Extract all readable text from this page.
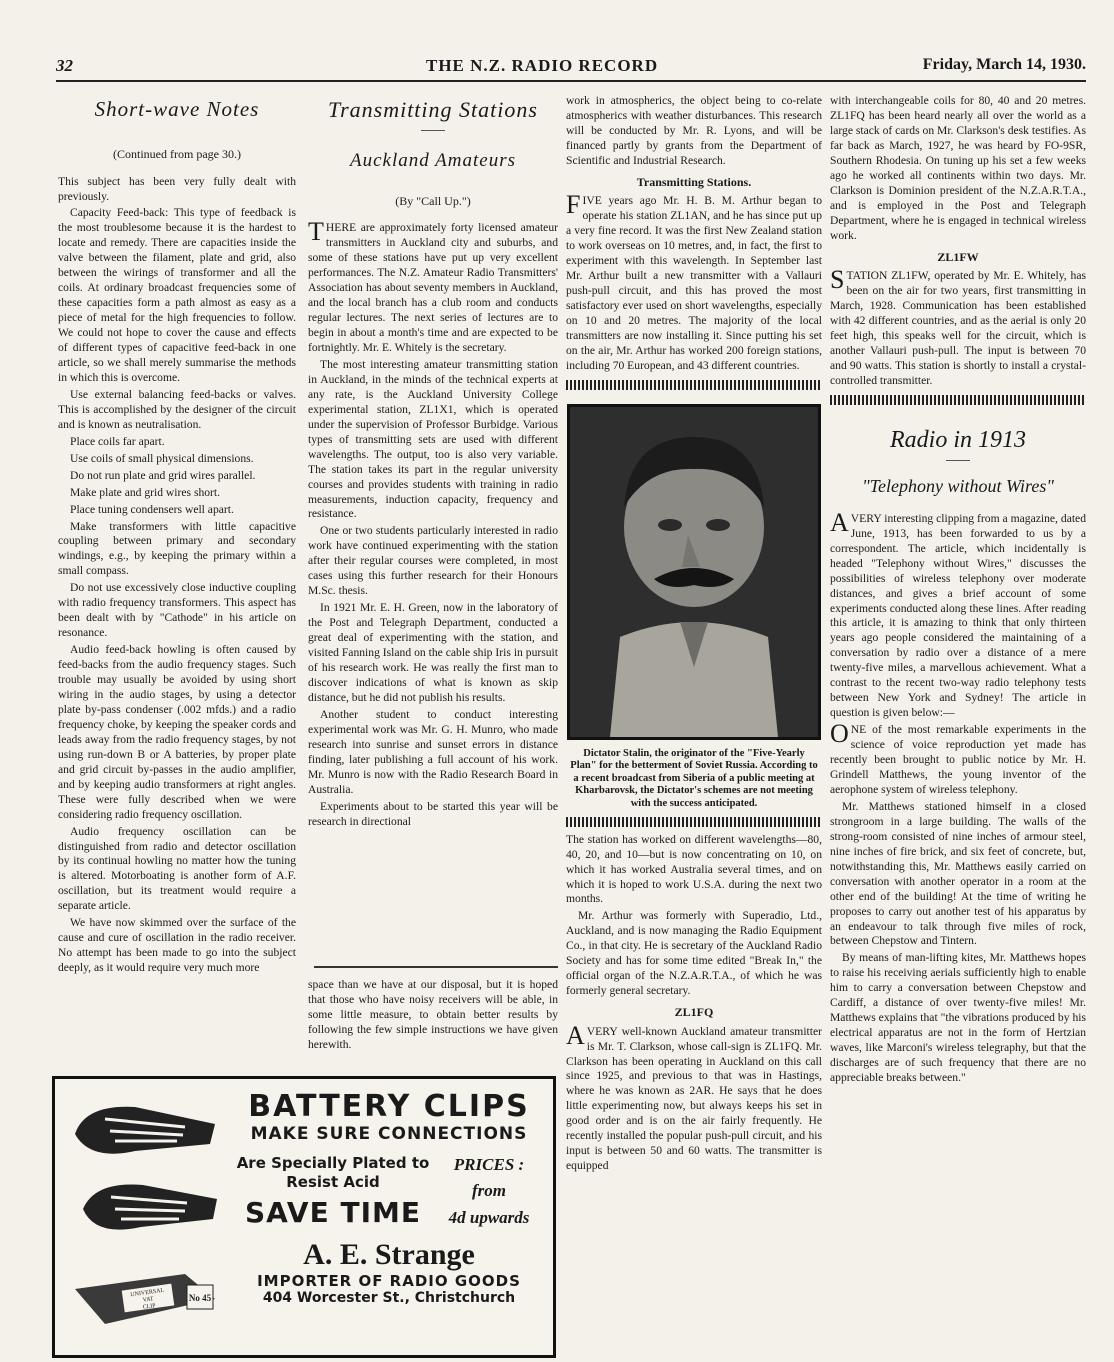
32	THE N.Z. RADIO RECORD	Friday, March 14, 1930.
Short-wave Notes
(Continued from page 30.)

This subject has been very fully dealt with previously.

Capacity Feed-back: This type of feedback is the most troublesome because it is the hardest to locate and remedy. There are capacities inside the valve between the filament, plate and grid, also between the wirings of transformer and all the coils. At ordinary broadcast frequencies some of these capacities form a path almost as easy as a piece of metal for the high frequencies to follow. We could not hope to cover the cause and effects of different types of capacitive feed-back in one article, so we shall merely summarise the methods in which this is overcome.

Use external balancing feed-backs or valves. This is accomplished by the designer of the circuit and is known as neutralisation.

Place coils far apart.

Use coils of small physical dimensions.

Do not run plate and grid wires parallel.

Make plate and grid wires short.

Place tuning condensers well apart.

Make transformers with little capacitive coupling between primary and secondary windings, e.g., by keeping the primary within a small compass.

Do not use excessively close inductive coupling with radio frequency transformers. This aspect has been dealt with by "Cathode" in his article on resonance.

Audio feed-back howling is often caused by feed-backs from the audio frequency stages. Such trouble may usually be avoided by using short wiring in the audio stages, by using a detector plate by-pass condenser (.002 mfds.) and a radio frequency choke, by keeping the speaker cords and leads away from the radio frequency stages, by not using run-down B or A batteries, by proper plate and grid circuit by-passes in the audio amplifier, and by keeping audio transformers at right angles. These were fully described when we were considering radio frequency oscillation.

Audio frequency oscillation can be distinguished from radio and detector oscillation by its continual howling no matter how the tuning is altered. Motorboating is another form of A.F. oscillation, but its treatment would require a separate article.

We have now skimmed over the surface of the cause and cure of oscillation in the radio receiver. No attempt has been made to go into the subject deeply, as it would require very much more

Transmitting Stations
Auckland Amateurs
(By "Call Up.")

THERE are approximately forty licensed amateur transmitters in Auckland city and suburbs, and some of these stations have put up very excellent performances. The N.Z. Amateur Radio Transmitters' Association has about seventy members in Auckland, and the local branch has a club room and conducts regular lectures. The next series of lectures are to begin in about a month's time and are expected to be fortnightly. Mr. E. Whitely is the secretary.

The most interesting amateur transmitting station in Auckland, in the minds of the technical experts at any rate, is the Auckland University College experimental station, ZL1X1, which is operated under the supervision of Professor Burbidge. Various types of transmitting sets are used with different wavelengths. The output, too is also very variable. The station takes its part in the regular university courses and provides students with training in radio measurements, induction capacity, frequency and resistance.

One or two students particularly interested in radio work have continued experimenting with the station after their regular courses were completed, in most cases using this further research for their Honours M.Sc. thesis.

In 1921 Mr. E. H. Green, now in the laboratory of the Post and Telegraph Department, conducted a great deal of experimenting with the station, and visited Fanning Island on the cable ship Iris in pursuit of his research work. He was really the first man to discover indications of what is known as skip distance, but he did not publish his results.

Another student to conduct interesting experimental work was Mr. G. H. Munro, who made research into sunrise and sunset errors in distance finding, later publishing a full account of his work. Mr. Munro is now with the Radio Research Board in Australia.

Experiments about to be started this year will be research in directional

space than we have at our disposal, but it is hoped that those who have noisy receivers will be able, in some little measure, to obtain better results by following the few simple instructions we have given herewith.

work in atmospherics, the object being to co-relate atmospherics with weather disturbances. This research will be conducted by Mr. R. Lyons, and will be financed partly by grants from the Department of Scientific and Industrial Research.

Transmitting Stations.

FIVE years ago Mr. H. B. M. Arthur began to operate his station ZL1AN, and he has since put up a very fine record. It was the first New Zealand station to work overseas on 10 metres, and, in fact, the first to experiment with this wavelength. In September last Mr. Arthur built a new transmitter with a Vallauri push-pull circuit, and this has proved the most satisfactory ever used on short wavelengths, especially on 10 and 20 metres. The majority of the local transmitters are now installing it. Since putting his set on the air, Mr. Arthur has worked 200 foreign stations, including 70 European, and 43 different countries.

Dictator Stalin, the originator of the "Five-Yearly Plan" for the betterment of Soviet Russia. According to a recent broadcast from Siberia of a public meeting at Kharbarovsk, the Dictator's schemes are not meeting with the success anticipated.

The station has worked on different wavelengths—80, 40, 20, and 10—but is now concentrating on 10, on which it has worked Australia several times, and on which it is hoped to work U.S.A. during the next two months.

Mr. Arthur was formerly with Superadio, Ltd., Auckland, and is now managing the Radio Equipment Co., in that city. He is secretary of the Auckland Radio Society and has for some time edited "Break In," the official organ of the N.Z.A.R.T.A., of which he was formerly general secretary.

ZL1FQ

AVERY well-known Auckland amateur transmitter is Mr. T. Clarkson, whose call-sign is ZL1FQ. Mr. Clarkson has been operating in Auckland on this call since 1925, and previous to that was in Hastings, where he was known as 2AR. He says that he does little experimenting now, but always keeps his set in good order and is on the air fairly frequently. He recently installed the popular push-pull circuit, and his input is between 50 and 60 watts. The transmitter is equipped

with interchangeable coils for 80, 40 and 20 metres. ZL1FQ has been heard nearly all over the world as a large stack of cards on Mr. Clarkson's desk testifies. As far back as March, 1927, he was heard by FO-9SR, Southern Rhodesia. On tuning up his set a few weeks ago he worked all continents within two days. Mr. Clarkson is Dominion president of the N.Z.A.R.T.A., and is employed in the Post and Telegraph Department, where he is engaged in technical wireless work.

ZL1FW

STATION ZL1FW, operated by Mr. E. Whitely, has been on the air for two years, first transmitting in March, 1928. Communication has been established with 42 different countries, and as the aerial is only 20 feet high, this speaks well for the circuit, which is another Vallauri push-pull. The input is between 70 and 90 watts. This station is shortly to install a crystal-controlled transmitter.

Radio in 1913
"Telephony without Wires"

AVERY interesting clipping from a magazine, dated June, 1913, has been forwarded to us by a correspondent. The article, which incidentally is headed "Telephony without Wires," discusses the possibilities of wireless telephony over moderate distances, and gives a brief account of some experiments conducted along these lines. After reading this article, it is amazing to think that only thirteen years ago people considered the maintaining of a conversation by radio over a distance of a mere twenty-five miles, a marvellous achievement. What a contrast to the recent two-way radio telephony tests between New York and Sydney! The article in question is given below:—

ONE of the most remarkable experiments in the science of voice reproduction yet made has recently been brought to public notice by Mr. H. Grindell Matthews, the young inventor of the aerophone system of wireless telephony.

Mr. Matthews stationed himself in a closed strongroom in a large building. The walls of the strong-room consisted of nine inches of armour steel, nine inches of fire brick, and six feet of concrete, but, notwithstanding this, Mr. Matthews easily carried on conversation with another operator in a room at the other end of the building! At the time of writing he proposes to carry out another test of his apparatus by an endeavour to talk through five miles of rock, between Chepstow and Tintern.

By means of man-lifting kites, Mr. Matthews hopes to raise his receiving aerials sufficiently high to enable him to carry a conversation between Chepstow and Cardiff, a distance of over twenty-five miles! Mr. Matthews explains that "the vibrations produced by his electrical apparatus are not in the form of Hertzian waves, like Marconi's wireless telegraphy, but that the discharges are of such frequency that there are no appreciable breaks between."

UNIVERSAL
VAT
CLIP
No 45
BATTERY CLIPS
MAKE SURE CONNECTIONS
Are Specially Plated to Resist Acid
SAVE TIME
PRICES :
from
4d upwards
A. E. Strange
IMPORTER OF RADIO GOODS
404 Worcester St., Christchurch
